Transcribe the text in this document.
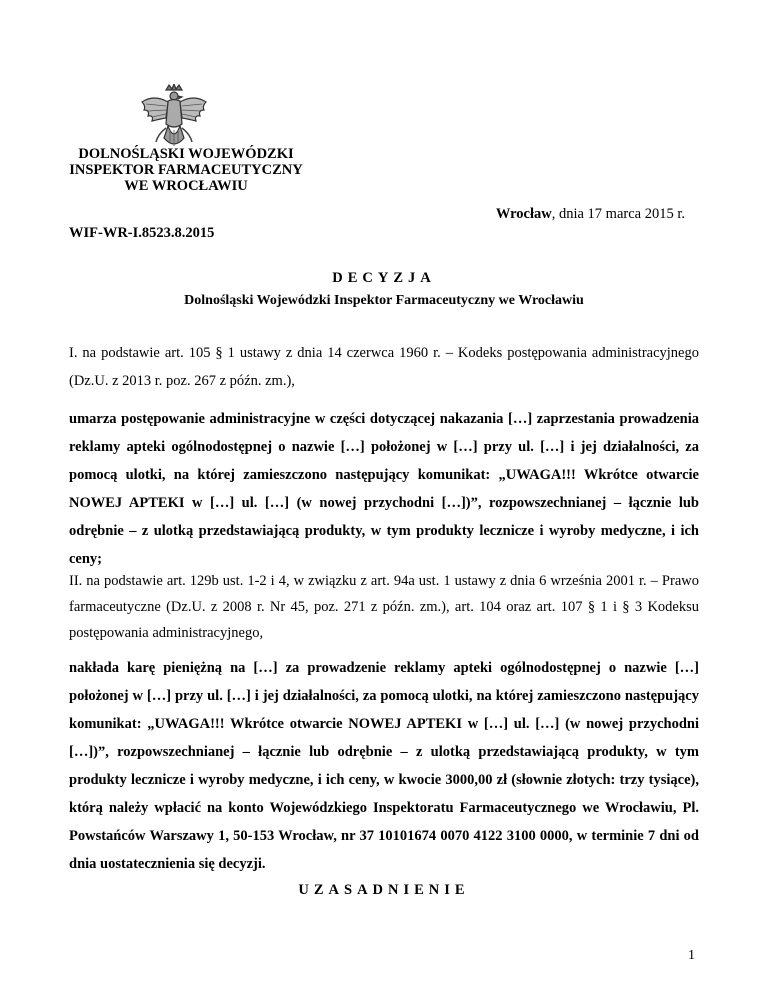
DOLNOŚLĄSKI WOJEWÓDZKI
INSPEKTOR FARMACEUTYCZNY
WE WROCŁAWIU
Wrocław, dnia 17 marca 2015 r.
WIF-WR-I.8523.8.2015
DECYZJA
Dolnośląski Wojewódzki Inspektor Farmaceutyczny we Wrocławiu
I. na podstawie art. 105 § 1 ustawy z dnia 14 czerwca 1960 r. – Kodeks postępowania administracyjnego (Dz.U. z 2013 r. poz. 267 z późn. zm.),
umarza postępowanie administracyjne w części dotyczącej nakazania […] zaprzestania prowadzenia reklamy apteki ogólnodostępnej o nazwie […] położonej w […] przy ul. […] i jej działalności, za pomocą ulotki, na której zamieszczono następujący komunikat: „UWAGA!!! Wkrótce otwarcie NOWEJ APTEKI w […] ul. […] (w nowej przychodni […])”, rozpowszechnianej – łącznie lub odrębnie – z ulotką przedstawiającą produkty, w tym produkty lecznicze i wyroby medyczne, i ich ceny;
II. na podstawie art. 129b ust. 1-2 i 4, w związku z art. 94a ust. 1 ustawy z dnia 6 września 2001 r. – Prawo farmaceutyczne (Dz.U. z 2008 r. Nr 45, poz. 271 z późn. zm.), art. 104 oraz art. 107 § 1 i § 3 Kodeksu postępowania administracyjnego,
nakłada karę pieniężną na […] za prowadzenie reklamy apteki ogólnodostępnej o nazwie […] położonej w […] przy ul. […] i jej działalności, za pomocą ulotki, na której zamieszczono następujący komunikat: „UWAGA!!! Wkrótce otwarcie NOWEJ APTEKI w […] ul. […] (w nowej przychodni […])”, rozpowszechnianej – łącznie lub odrębnie – z ulotką przedstawiającą produkty, w tym produkty lecznicze i wyroby medyczne, i ich ceny, w kwocie 3000,00 zł (słownie złotych: trzy tysiące), którą należy wpłacić na konto Wojewódzkiego Inspektoratu Farmaceutycznego we Wrocławiu, Pl. Powstańców Warszawy 1, 50-153 Wrocław, nr 37 10101674 0070 4122 3100 0000, w terminie 7 dni od dnia uostatecznienia się decyzji.
UZASADNIENIE
1
